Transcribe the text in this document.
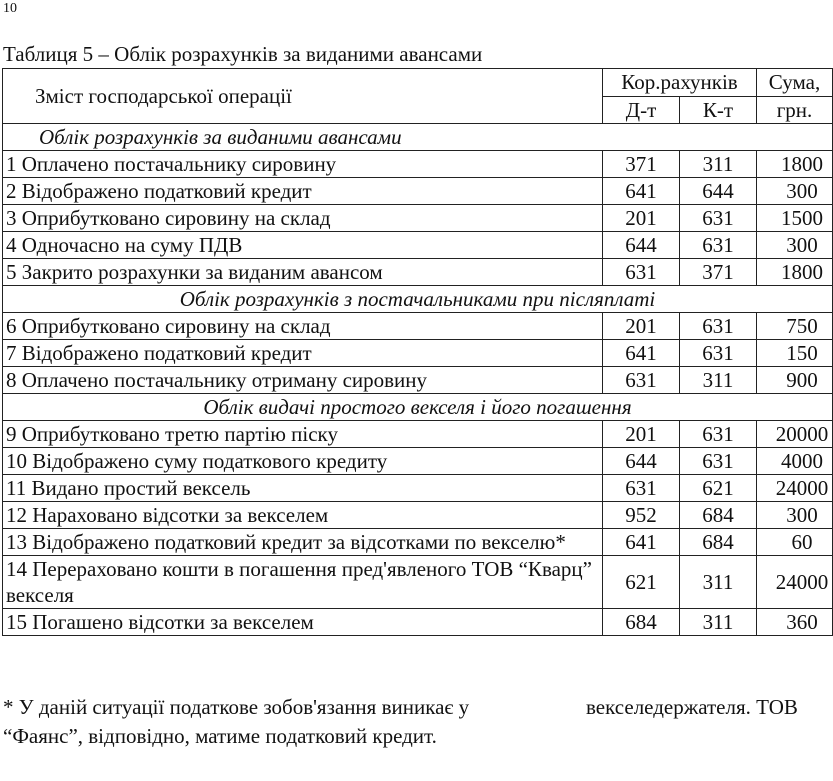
10
Таблиця 5 – Облік розрахунків за виданими авансами
Зміст господарської операції	Кор.рахунків		Сума,
	Д-т	К-т	грн.
Облік розрахунків за виданими авансами			
1 Оплачено постачальнику сировину	371	311	1800
2 Відображено податковий кредит	641	644	300
3 Оприбутковано сировину на склад	201	631	1500
4 Одночасно на суму ПДВ	644	631	300
5 Закрито розрахунки за виданим авансом	631	371	1800
Облік розрахунків з постачальниками при післяплаті			
6 Оприбутковано сировину на склад	201	631	750
7 Відображено податковий кредит	641	631	150
8 Оплачено постачальнику отриману сировину	631	311	900
Облік видачі простого векселя і його погашення			
9 Оприбутковано третю партію піску	201	631	20000
10 Відображено суму податкового кредиту	644	631	4000
11 Видано простий вексель	631	621	24000
12 Нараховано відсотки за векселем	952	684	300
13 Відображено податковий кредит за відсотками по векселю*	641	684	60
14 Перераховано кошти в погашення пред'явленого ТОВ “Кварц” векселя	621	311	24000
15 Погашено відсотки за векселем	684	311	360
* У даній ситуації податкове зобов'язання виникає у	векселедержателя. ТОВ
“Фаянс”, відповідно, матиме податковий кредит.
